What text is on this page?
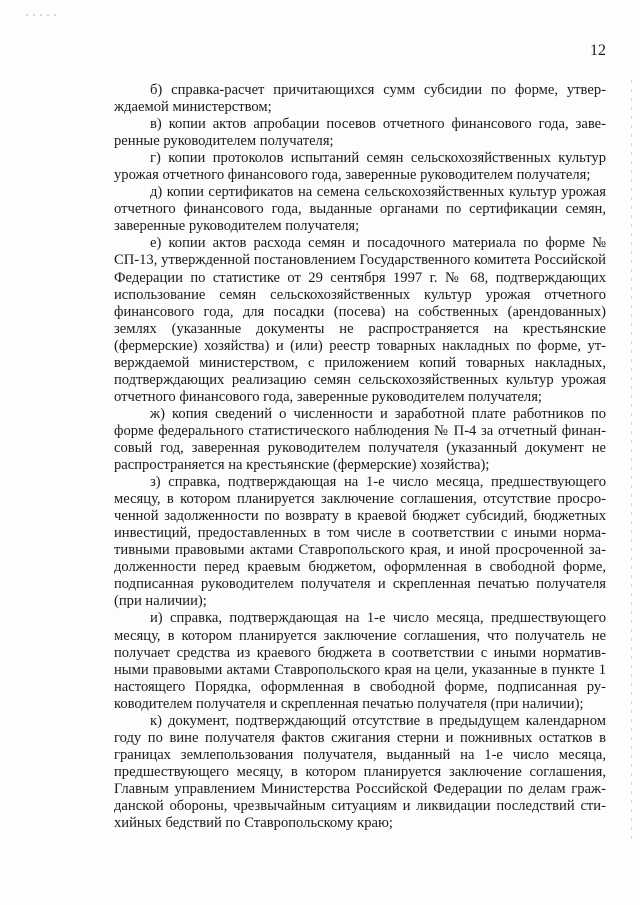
12

б) справка-расчет причитающихся сумм субсидии по форме, утверждаемой министерством;

в) копии актов апробации посевов отчетного финансового года, заверенные руководителем получателя;

г) копии протоколов испытаний семян сельскохозяйственных культур урожая отчетного финансового года, заверенные руководителем получателя;

д) копии сертификатов на семена сельскохозяйственных культур урожая отчетного финансового года, выданные органами по сертификации семян, заверенные руководителем получателя;

е) копии актов расхода семян и посадочного материала по форме № СП-13, утвержденной постановлением Государственного комитета Российской Федерации по статистике от 29 сентября 1997 г. № 68, подтверждающих использование семян сельскохозяйственных культур урожая отчетного финансового года, для посадки (посева) на собственных (арендованных) землях (указанные документы не распространяется на крестьянские (фермерские) хозяйства) и (или) реестр товарных накладных по форме, утверждаемой министерством, с приложением копий товарных накладных, подтверждающих реализацию семян сельскохозяйственных культур урожая отчетного финансового года, заверенные руководителем получателя;

ж) копия сведений о численности и заработной плате работников по форме федерального статистического наблюдения № П-4 за отчетный финансовый год, заверенная руководителем получателя (указанный документ не распространяется на крестьянские (фермерские) хозяйства);

з) справка, подтверждающая на 1-е число месяца, предшествующего месяцу, в котором планируется заключение соглашения, отсутствие просроченной задолженности по возврату в краевой бюджет субсидий, бюджетных инвестиций, предоставленных в том числе в соответствии с иными нормативными правовыми актами Ставропольского края, и иной просроченной задолженности перед краевым бюджетом, оформленная в свободной форме, подписанная руководителем получателя и скрепленная печатью получателя (при наличии);

и) справка, подтверждающая на 1-е число месяца, предшествующего месяцу, в котором планируется заключение соглашения, что получатель не получает средства из краевого бюджета в соответствии с иными нормативными правовыми актами Ставропольского края на цели, указанные в пункте 1 настоящего Порядка, оформленная в свободной форме, подписанная руководителем получателя и скрепленная печатью получателя (при наличии);

к) документ, подтверждающий отсутствие в предыдущем календарном году по вине получателя фактов сжигания стерни и пожнивных остатков в границах землепользования получателя, выданный на 1-е число месяца, предшествующего месяцу, в котором планируется заключение соглашения, Главным управлением Министерства Российской Федерации по делам гражданской обороны, чрезвычайным ситуациям и ликвидации последствий стихийных бедствий по Ставропольскому краю;
